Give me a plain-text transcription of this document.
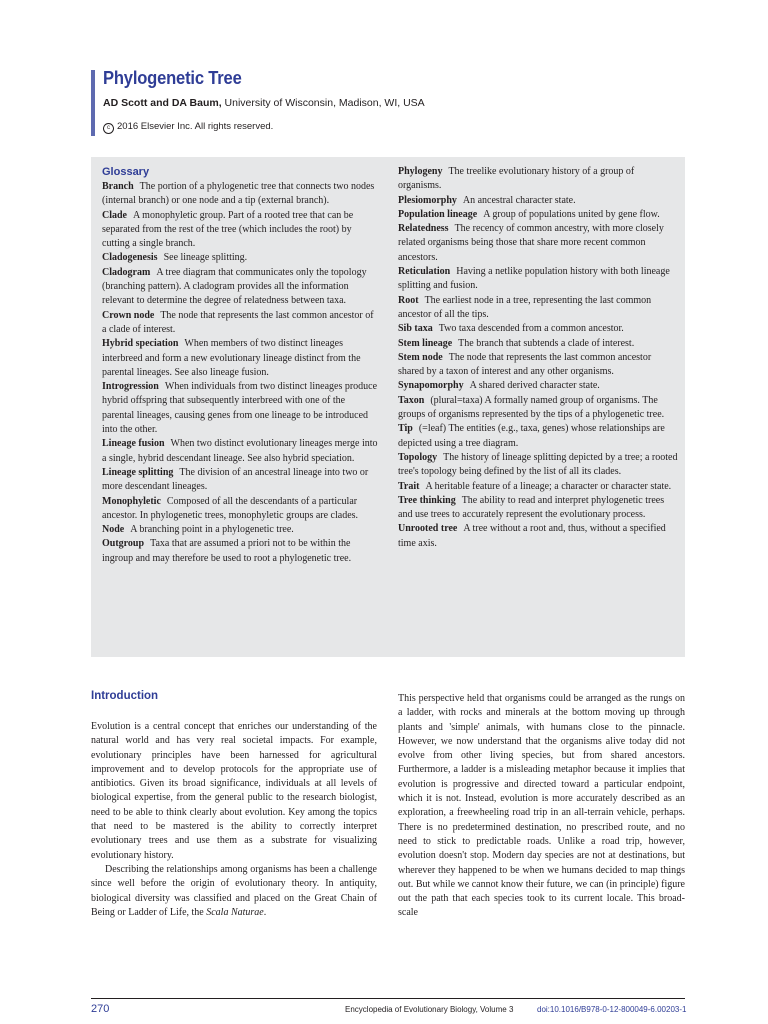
Phylogenetic Tree
AD Scott and DA Baum, University of Wisconsin, Madison, WI, USA
c 2016 Elsevier Inc. All rights reserved.
Glossary

Branch The portion of a phylogenetic tree that connects two nodes (internal branch) or one node and a tip (external branch).

Clade A monophyletic group. Part of a rooted tree that can be separated from the rest of the tree (which includes the root) by cutting a single branch.

Cladogenesis See lineage splitting.

Cladogram A tree diagram that communicates only the topology (branching pattern). A cladogram provides all the information relevant to determine the degree of relatedness between taxa.

Crown node The node that represents the last common ancestor of a clade of interest.

Hybrid speciation When members of two distinct lineages interbreed and form a new evolutionary lineage distinct from the parental lineages. See also lineage fusion.

Introgression When individuals from two distinct lineages produce hybrid offspring that subsequently interbreed with one of the parental lineages, causing genes from one lineage to be introduced into the other.

Lineage fusion When two distinct evolutionary lineages merge into a single, hybrid descendant lineage. See also hybrid speciation.

Lineage splitting The division of an ancestral lineage into two or more descendant lineages.

Monophyletic Composed of all the descendants of a particular ancestor. In phylogenetic trees, monophyletic groups are clades.

Node A branching point in a phylogenetic tree.

Outgroup Taxa that are assumed a priori not to be within the ingroup and may therefore be used to root a phylogenetic tree.

Phylogeny The treelike evolutionary history of a group of organisms.

Plesiomorphy An ancestral character state.

Population lineage A group of populations united by gene flow.

Relatedness The recency of common ancestry, with more closely related organisms being those that share more recent common ancestors.

Reticulation Having a netlike population history with both lineage splitting and fusion.

Root The earliest node in a tree, representing the last common ancestor of all the tips.

Sib taxa Two taxa descended from a common ancestor.

Stem lineage The branch that subtends a clade of interest.

Stem node The node that represents the last common ancestor shared by a taxon of interest and any other organisms.

Synapomorphy A shared derived character state.

Taxon (plural=taxa) A formally named group of organisms. The groups of organisms represented by the tips of a phylogenetic tree.

Tip (=leaf) The entities (e.g., taxa, genes) whose relationships are depicted using a tree diagram.

Topology The history of lineage splitting depicted by a tree; a rooted tree's topology being defined by the list of all its clades.

Trait A heritable feature of a lineage; a character or character state.

Tree thinking The ability to read and interpret phylogenetic trees and use trees to accurately represent the evolutionary process.

Unrooted tree A tree without a root and, thus, without a specified time axis.

Introduction

Evolution is a central concept that enriches our understanding of the natural world and has very real societal impacts. For example, evolutionary principles have been harnessed for agricultural improvement and to develop protocols for the appropriate use of antibiotics. Given its broad significance, individuals at all levels of biological expertise, from the general public to the research biologist, need to be able to think clearly about evolution. Key among the topics that need to be mastered is the ability to correctly interpret evolutionary trees and use them as a substrate for visualizing evolutionary history.

Describing the relationships among organisms has been a challenge since well before the origin of evolutionary theory. In antiquity, biological diversity was classified and placed on the Great Chain of Being or Ladder of Life, the Scala Naturae.

This perspective held that organisms could be arranged as the rungs on a ladder, with rocks and minerals at the bottom moving up through plants and 'simple' animals, with humans close to the pinnacle. However, we now understand that the organisms alive today did not evolve from other living species, but from shared ancestors. Furthermore, a ladder is a misleading metaphor because it implies that evolution is progressive and directed toward a particular endpoint, which it is not. Instead, evolution is more accurately described as an exploration, a freewheeling road trip in an all-terrain vehicle, perhaps. There is no predetermined destination, no prescribed route, and no need to stick to predictable roads. Unlike a road trip, however, evolution doesn't stop. Modern day species are not at destinations, but wherever they happened to be when we humans decided to map things out. But while we cannot know their future, we can (in principle) figure out the path that each species took to its current locale. This broad-scale

270	Encyclopedia of Evolutionary Biology, Volume 3	doi:10.1016/B978-0-12-800049-6.00203-1
